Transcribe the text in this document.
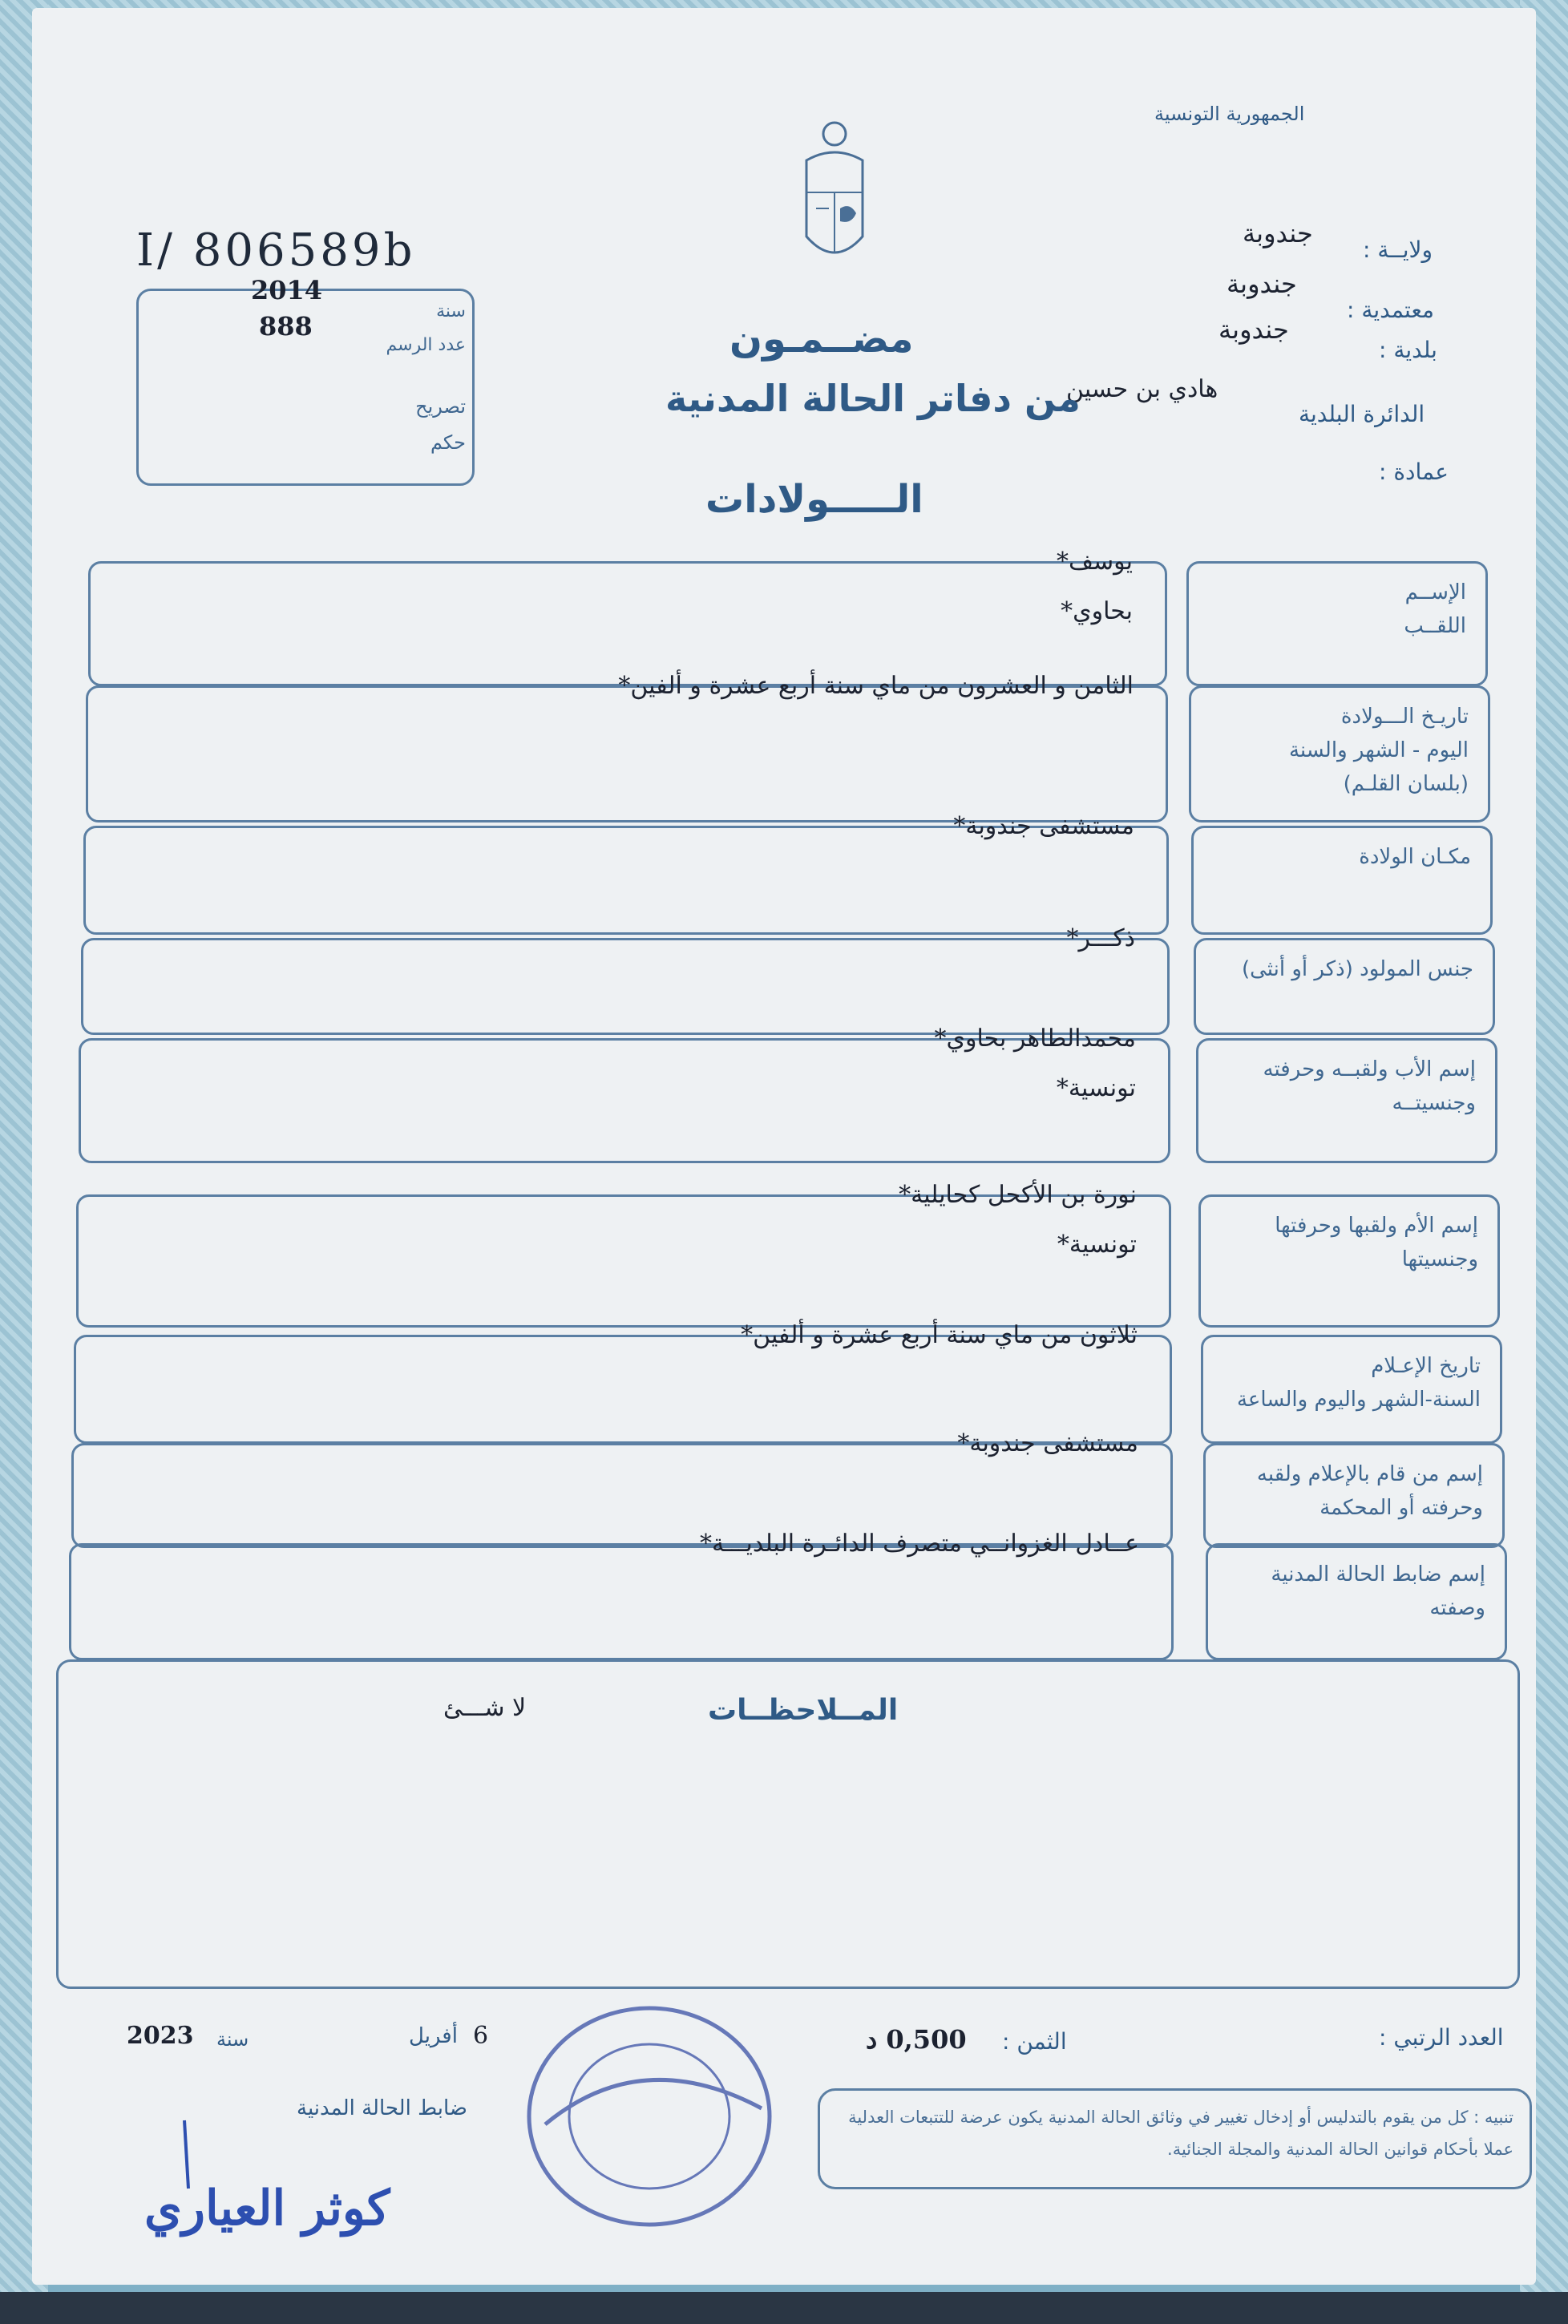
الجمهورية التونسية
ولايــة :
جندوبة
معتمدية :
جندوبة
بلدية :
جندوبة
الدائرة البلدية
هادي بن حسين
عمادة :
I/ 806589b
مضــمـون
من دفاتر الحالة المدنية
الـــــولادات
سنة
2014
عدد الرسم
888
تصريح
حكم
يوسف*
بحاوي*
الإســم
اللقــب
الثامن و العشرون من ماي سنة أربع عشرة و ألفين*
تاريـخ الـــولادة
اليوم - الشهر والسنة
(بلسان القلـم)
مستشفى جندوبة*
مكـان الولادة
ذكـــر*
جنس المولود (ذكر أو أنثى)
محمدالطاهر بحاوي*
تونسية*
إسم الأب ولقبــه وحرفته
وجنسيتــه
نورة بن الأكحل كحايلية*
تونسية*
إسم الأم ولقبها وحرفتها
وجنسيتها
ثلاثون من ماي سنة أربع عشرة و ألفين*
تاريخ الإعـلام
السنة-الشهر واليوم والساعة
مستشفى جندوبة*
إسم من قام بالإعلام ولقبه
وحرفته أو المحكمة
عــادل الغزوانــي متصرف الدائـرة البلديـــة*
إسم ضابط الحالة المدنية
وصفته
المــلاحظــات
لا شـــئ
العدد الرتبي :
الثمن :
0,500 د
6
أفريل
سنة
2023
ضابط الحالة المدنية
كوثر العياري
تنبيه : كل من يقوم بالتدليس أو إدخال تغيير في وثائق الحالة المدنية يكون عرضة للتتبعات العدلية عملا بأحكام قوانين الحالة المدنية والمجلة الجنائية.
